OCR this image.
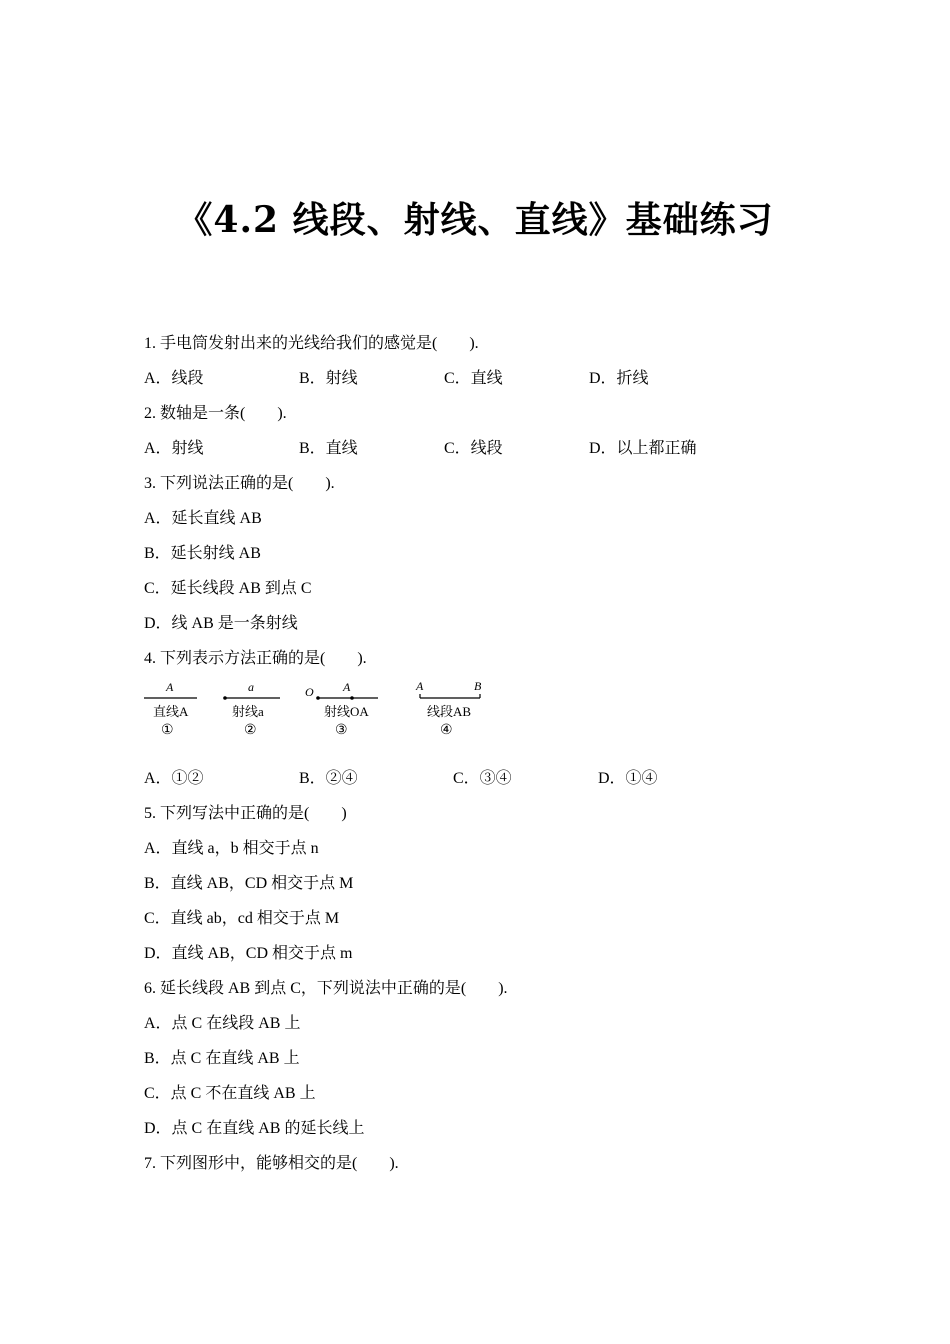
《4.2 线段、射线、直线》基础练习
1. 手电筒发射出来的光线给我们的感觉是(　　).
A．线段	B．射线	C．直线	D．折线
2. 数轴是一条(　　).
A．射线	B．直线	C．线段	D．以上都正确
3. 下列说法正确的是(　　).
A．延长直线 AB
B．延长射线 AB
C．延长线段 AB 到点 C
D．线 AB 是一条射线
4. 下列表示方法正确的是(　　).
A
直线A
①
a
射线a
②
O A
射线OA
③
A	B
线段AB
④
A．①②	B．②④	C．③④	D．①④
5. 下列写法中正确的是(　　)
A．直线 a，b 相交于点 n
B．直线 AB，CD 相交于点 M
C．直线 ab，cd 相交于点 M
D．直线 AB，CD 相交于点 m
6. 延长线段 AB 到点 C，下列说法中正确的是(　　).
A．点 C 在线段 AB 上
B．点 C 在直线 AB 上
C．点 C 不在直线 AB 上
D．点 C 在直线 AB 的延长线上
7. 下列图形中，能够相交的是(　　).
